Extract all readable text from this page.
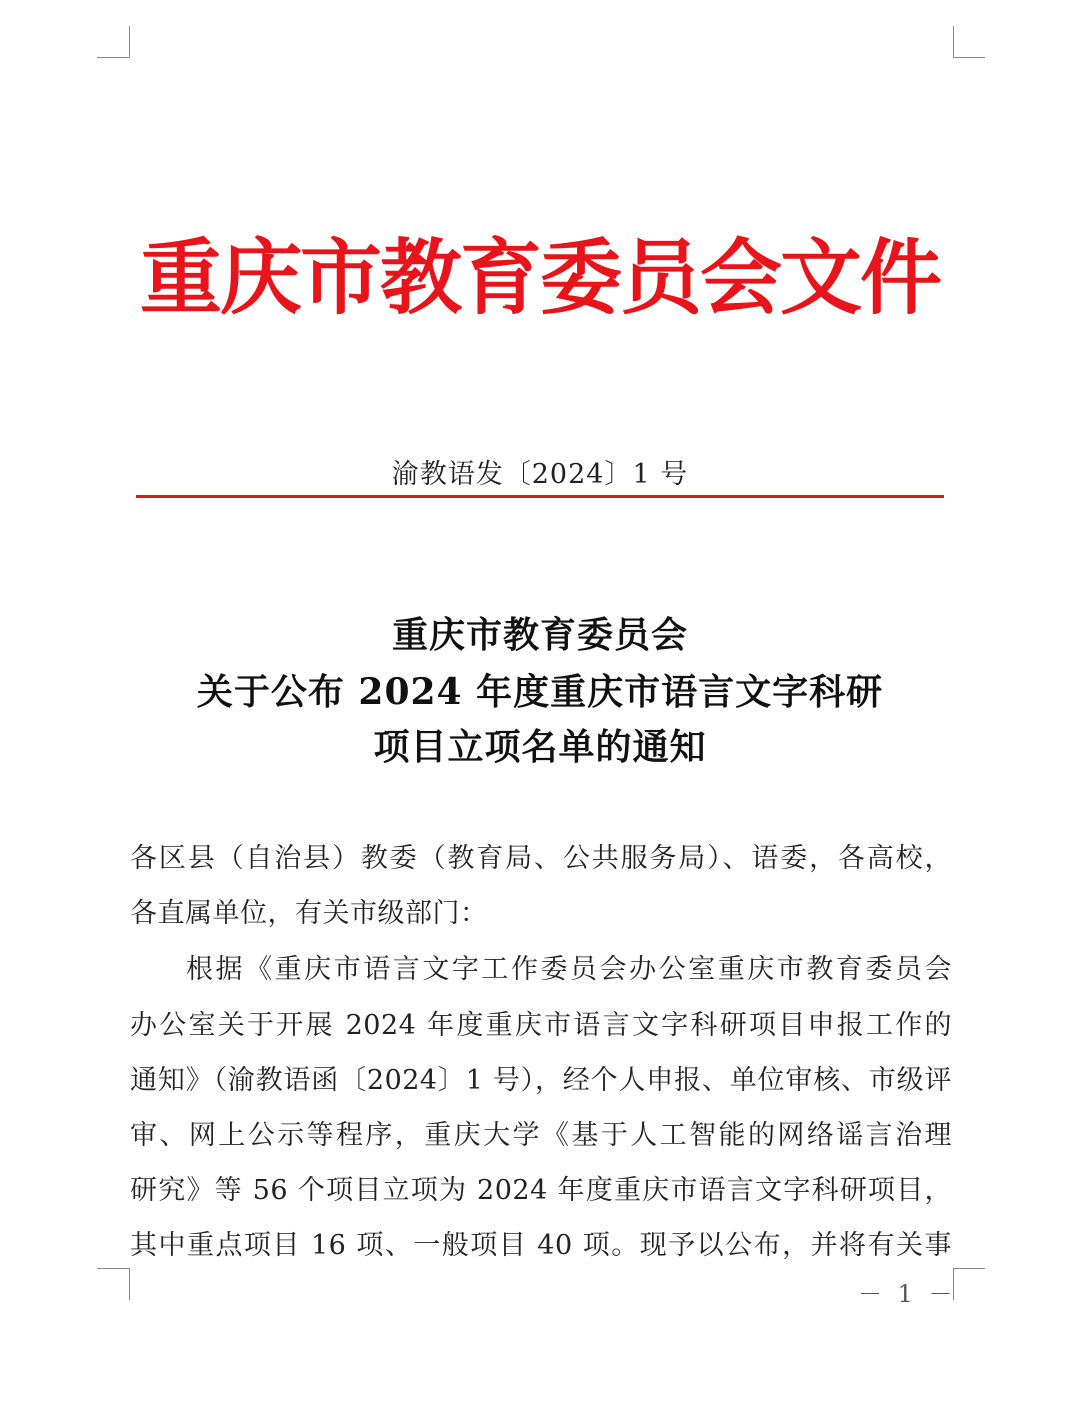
重庆市教育委员会文件
渝教语发〔2024〕1 号
重庆市教育委员会
关于公布 2024 年度重庆市语言文字科研
项目立项名单的通知
各区县（自治县）教委（教育局、公共服务局）、语委，各高校，
各直属单位，有关市级部门：
根据《重庆市语言文字工作委员会办公室重庆市教育委员会
办公室关于开展 2024 年度重庆市语言文字科研项目申报工作的
通知》（渝教语函〔2024〕1 号），经个人申报、单位审核、市级评
审、网上公示等程序，重庆大学《基于人工智能的网络谣言治理
研究》等 56 个项目立项为 2024 年度重庆市语言文字科研项目，
其中重点项目 16 项、一般项目 40 项。现予以公布，并将有关事
－ 1 －
